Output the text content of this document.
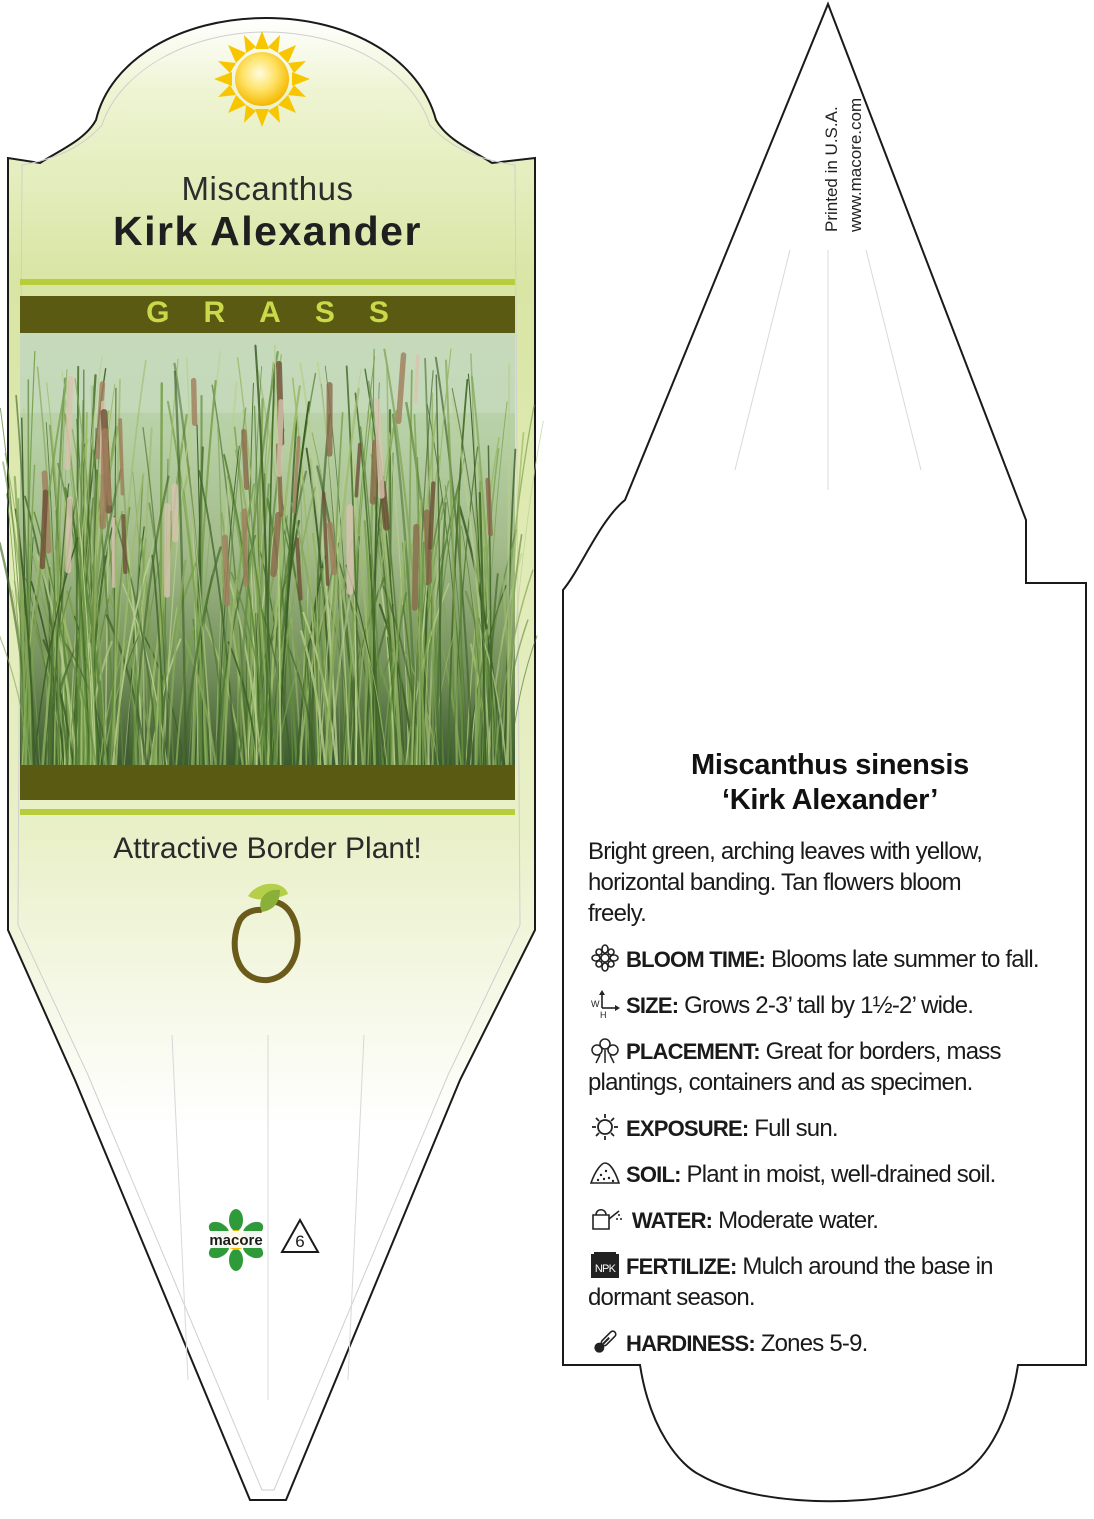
macore 6
Miscanthus
Kirk Alexander
GRASS
Attractive Border Plant!
Printed in U.S.A. www.macore.com
Miscanthus sinensis
‘Kirk Alexander’
Bright green, arching leaves with yellow, horizontal banding. Tan flowers bloom freely.
BLOOM TIME: Blooms late summer to fall.
W
H SIZE: Grows 2-3’ tall by 1½-2’ wide.
PLACEMENT: Great for borders, mass plantings, containers and as specimen.
EXPOSURE: Full sun.
SOIL: Plant in moist, well-drained soil.
WATER: Moderate water.
NPK FERTILIZE: Mulch around the base in dormant season.
HARDINESS: Zones 5-9.
